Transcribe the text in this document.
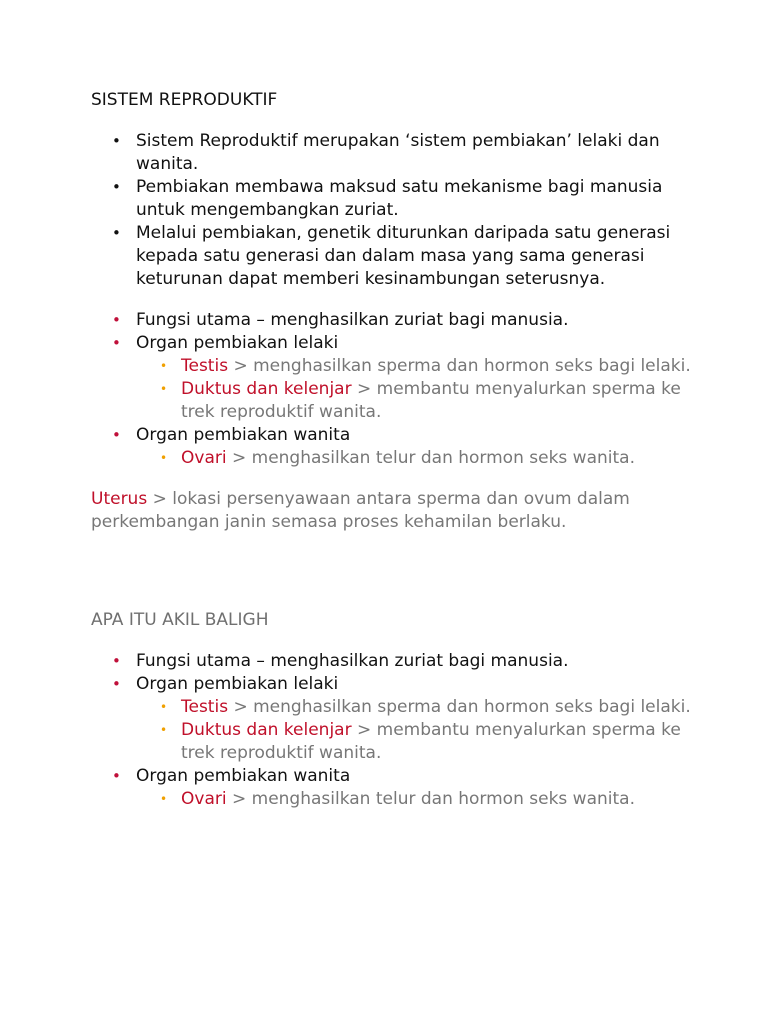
SISTEM REPRODUKTIF
• Sistem Reproduktif merupakan ‘sistem pembiakan’ lelaki dan wanita.
• Pembiakan membawa maksud satu mekanisme bagi manusia untuk mengembangkan zuriat.
• Melalui pembiakan, genetik diturunkan daripada satu generasi kepada satu generasi dan dalam masa yang sama generasi keturunan dapat memberi kesinambungan seterusnya.
• Fungsi utama – menghasilkan zuriat bagi manusia.
• Organ pembiakan lelaki
• Testis > menghasilkan sperma dan hormon seks bagi lelaki.
• Duktus dan kelenjar > membantu menyalurkan sperma ke trek reproduktif wanita.
• Organ pembiakan wanita
• Ovari > menghasilkan telur dan hormon seks wanita.

Uterus > lokasi persenyawaan antara sperma dan ovum dalam perkembangan janin semasa proses kehamilan berlaku.

APA ITU AKIL BALIGH
• Fungsi utama – menghasilkan zuriat bagi manusia.
• Organ pembiakan lelaki
• Testis > menghasilkan sperma dan hormon seks bagi lelaki.
• Duktus dan kelenjar > membantu menyalurkan sperma ke trek reproduktif wanita.
• Organ pembiakan wanita
• Ovari > menghasilkan telur dan hormon seks wanita.
